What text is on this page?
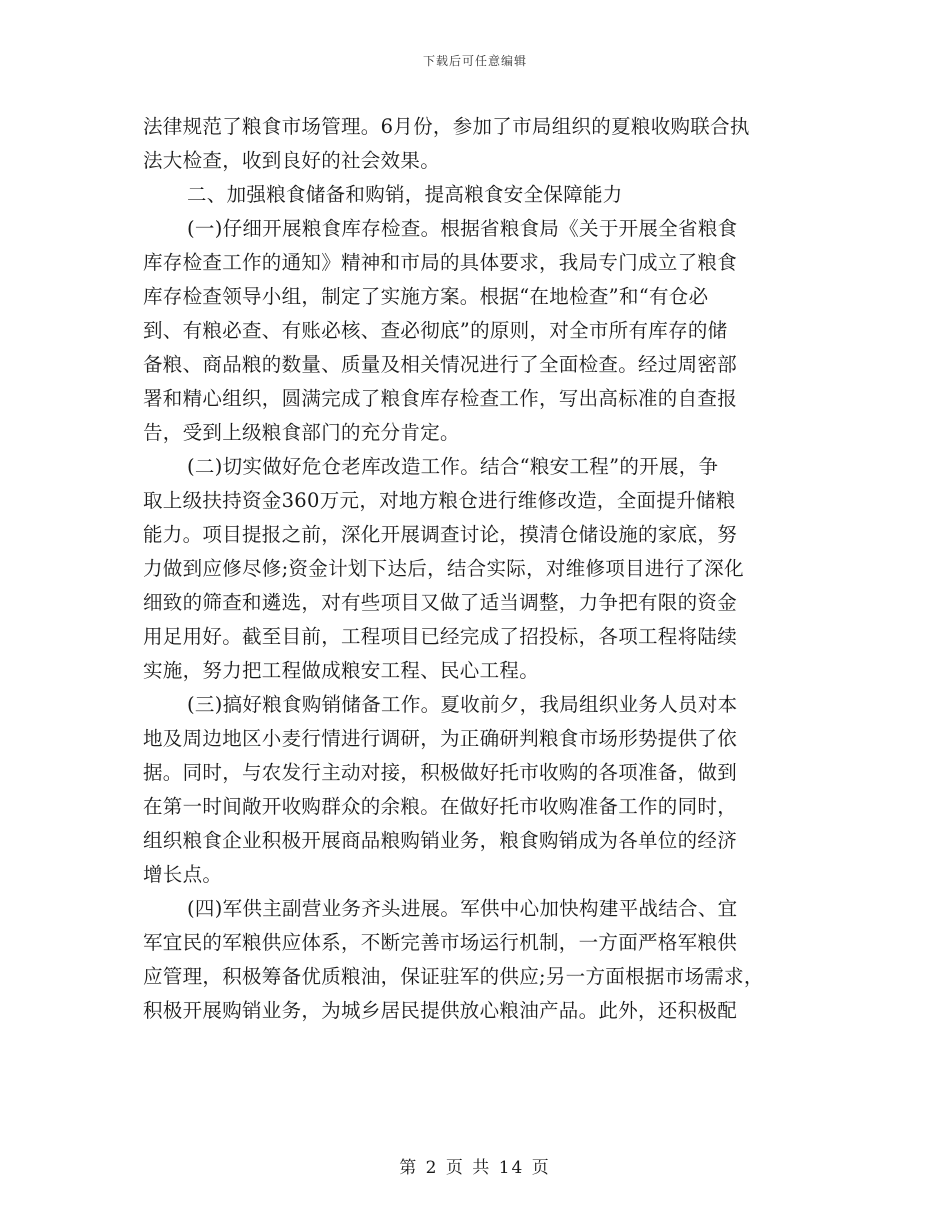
下载后可任意编辑
法律规范了粮食市场管理。6月份，参加了市局组织的夏粮收购联合执
法大检查，收到良好的社会效果。
二、加强粮食储备和购销，提高粮食安全保障能力
(一)仔细开展粮食库存检查。根据省粮食局《关于开展全省粮食
库存检查工作的通知》精神和市局的具体要求，我局专门成立了粮食
库存检查领导小组，制定了实施方案。根据“在地检查”和“有仓必
到、有粮必查、有账必核、查必彻底”的原则，对全市所有库存的储
备粮、商品粮的数量、质量及相关情况进行了全面检查。经过周密部
署和精心组织，圆满完成了粮食库存检查工作，写出高标准的自查报
告，受到上级粮食部门的充分肯定。
(二)切实做好危仓老库改造工作。结合“粮安工程”的开展，争
取上级扶持资金360万元，对地方粮仓进行维修改造，全面提升储粮
能力。项目提报之前，深化开展调查讨论，摸清仓储设施的家底，努
力做到应修尽修;资金计划下达后，结合实际，对维修项目进行了深化
细致的筛查和遴选，对有些项目又做了适当调整，力争把有限的资金
用足用好。截至目前，工程项目已经完成了招投标，各项工程将陆续
实施，努力把工程做成粮安工程、民心工程。
(三)搞好粮食购销储备工作。夏收前夕，我局组织业务人员对本
地及周边地区小麦行情进行调研，为正确研判粮食市场形势提供了依
据。同时，与农发行主动对接，积极做好托市收购的各项准备，做到
在第一时间敞开收购群众的余粮。在做好托市收购准备工作的同时，
组织粮食企业积极开展商品粮购销业务，粮食购销成为各单位的经济
增长点。
(四)军供主副营业务齐头进展。军供中心加快构建平战结合、宜
军宜民的军粮供应体系，不断完善市场运行机制，一方面严格军粮供
应管理，积极筹备优质粮油，保证驻军的供应;另一方面根据市场需求，
积极开展购销业务，为城乡居民提供放心粮油产品。此外，还积极配
第 2 页 共 14 页
